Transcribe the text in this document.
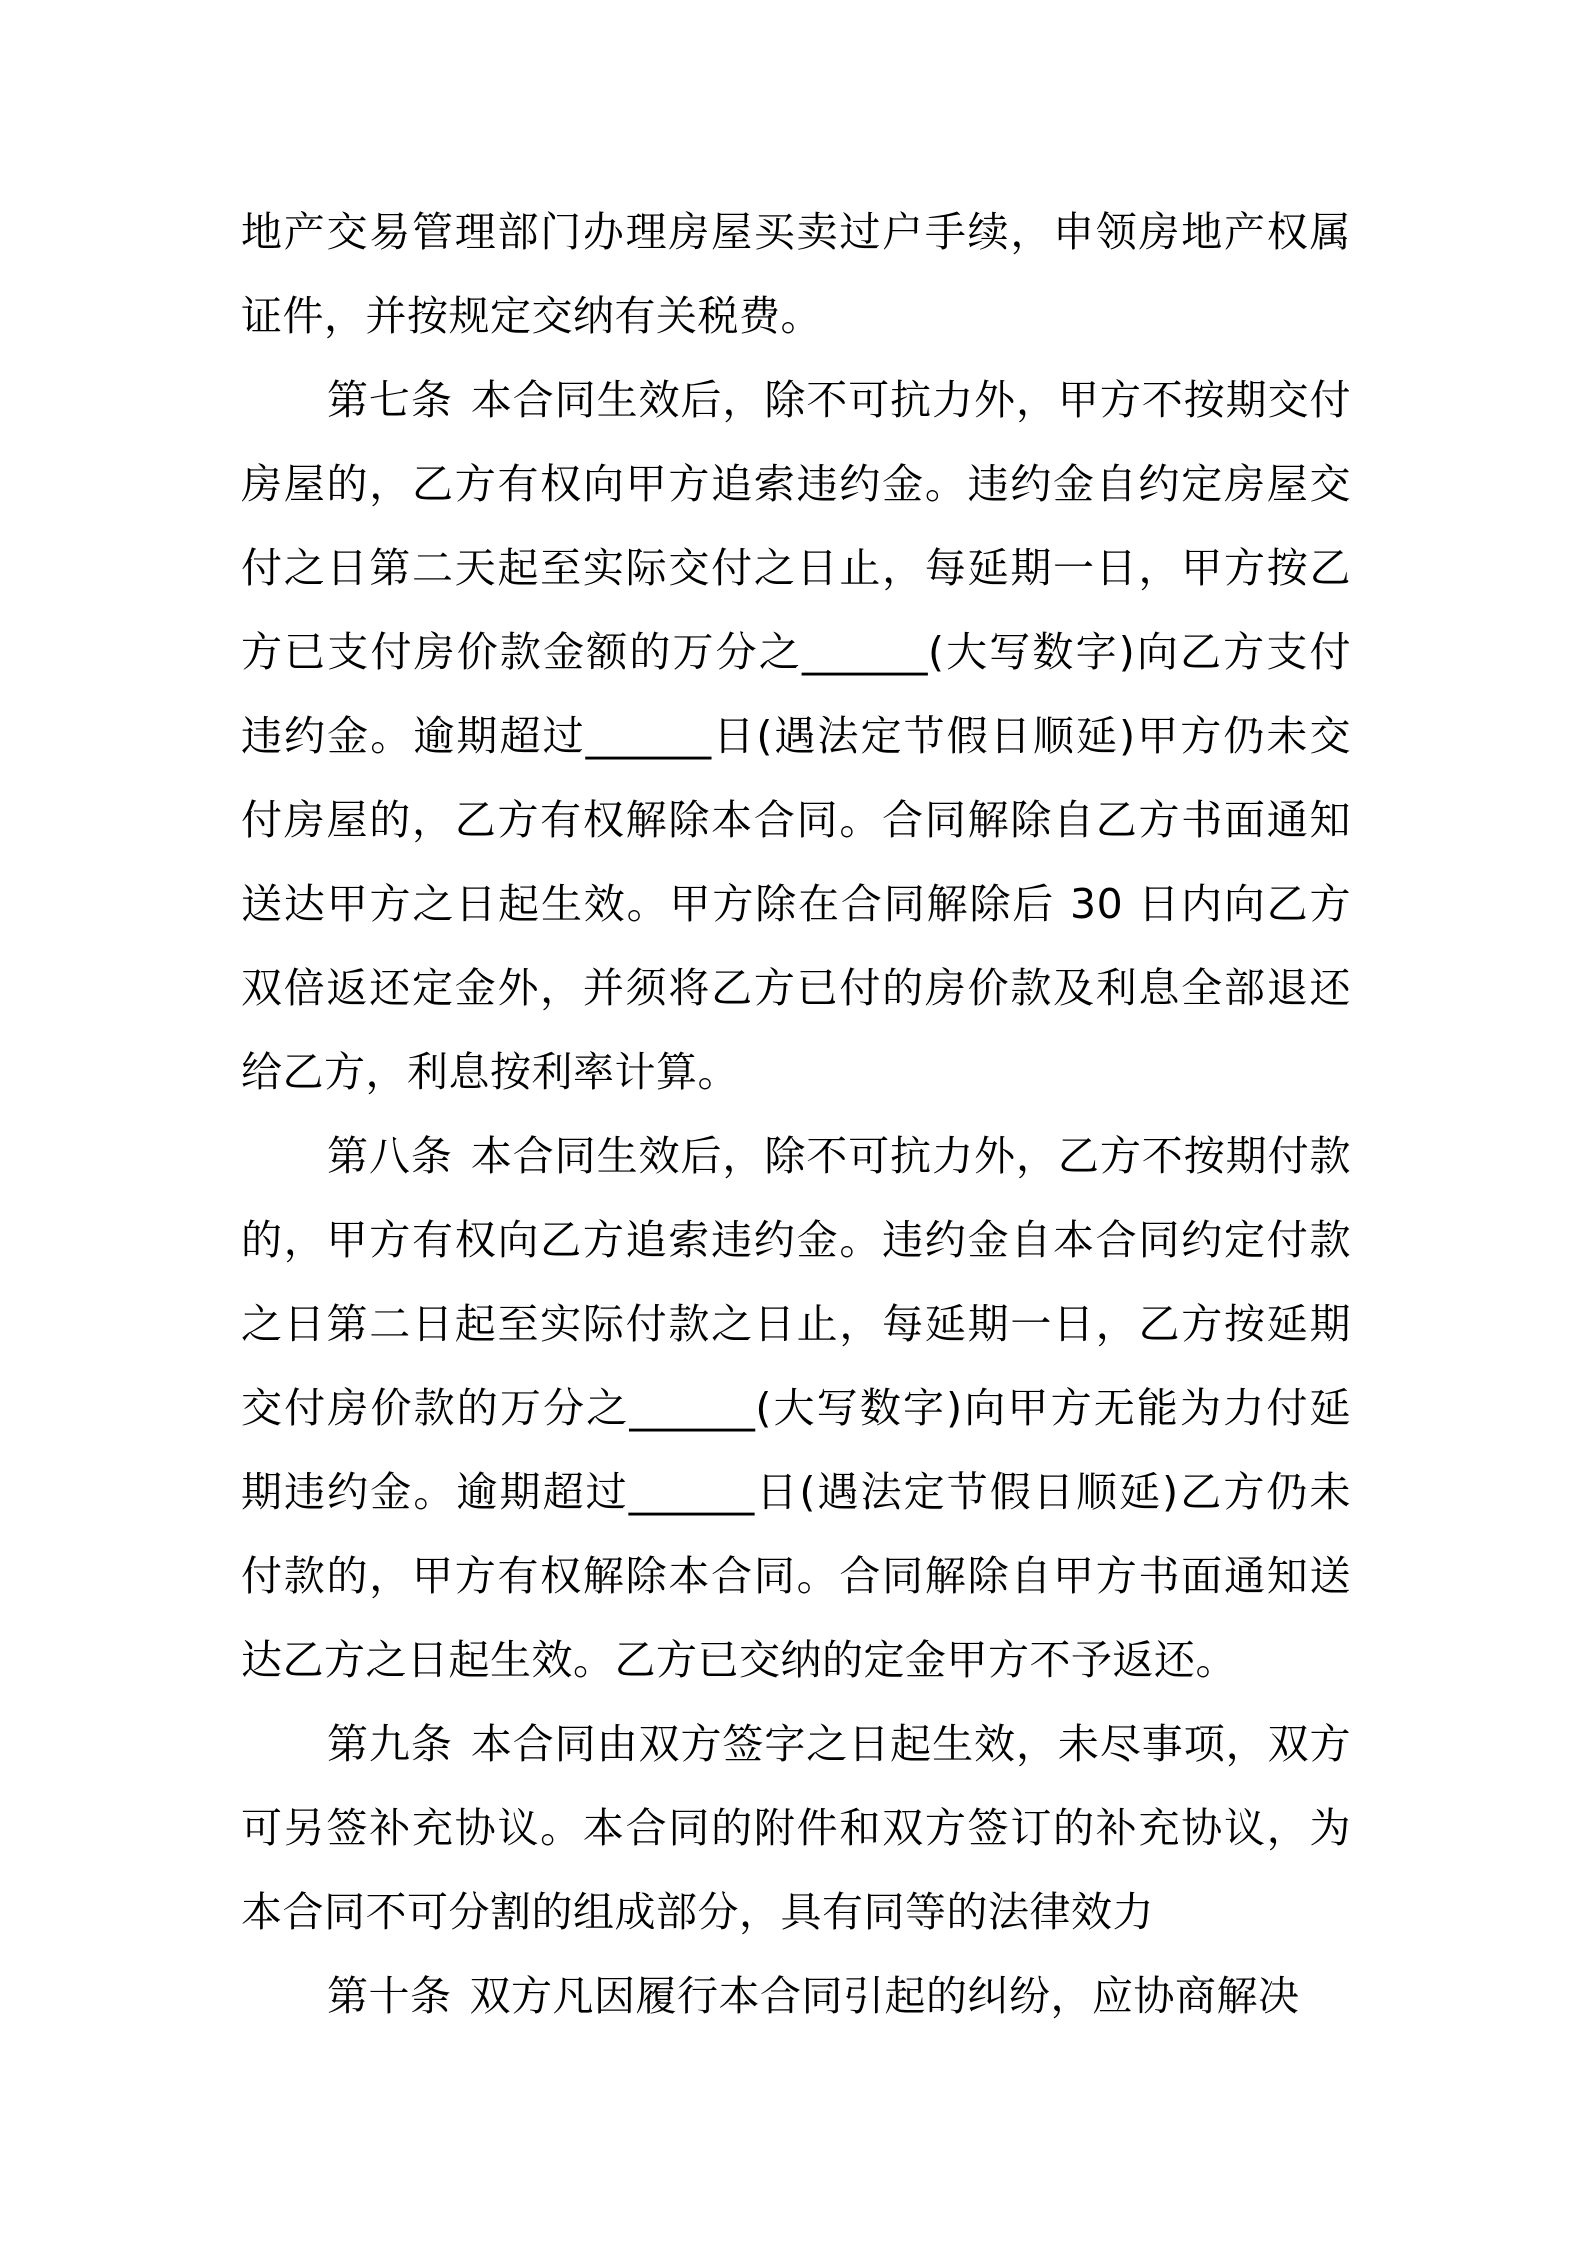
地产交易管理部门办理房屋买卖过户手续，申领房地产权属证件，并按规定交纳有关税费。

第七条 本合同生效后，除不可抗力外，甲方不按期交付房屋的，乙方有权向甲方追索违约金。违约金自约定房屋交付之日第二天起至实际交付之日止，每延期一日，甲方按乙方已支付房价款金额的万分之______(大写数字)向乙方支付违约金。逾期超过______日(遇法定节假日顺延)甲方仍未交付房屋的，乙方有权解除本合同。合同解除自乙方书面通知送达甲方之日起生效。甲方除在合同解除后 30 日内向乙方双倍返还定金外，并须将乙方已付的房价款及利息全部退还给乙方，利息按利率计算。

第八条 本合同生效后，除不可抗力外，乙方不按期付款的，甲方有权向乙方追索违约金。违约金自本合同约定付款之日第二日起至实际付款之日止，每延期一日，乙方按延期交付房价款的万分之______(大写数字)向甲方无能为力付延期违约金。逾期超过______日(遇法定节假日顺延)乙方仍未付款的，甲方有权解除本合同。合同解除自甲方书面通知送达乙方之日起生效。乙方已交纳的定金甲方不予返还。

第九条 本合同由双方签字之日起生效，未尽事项，双方可另签补充协议。本合同的附件和双方签订的补充协议，为本合同不可分割的组成部分，具有同等的法律效力

第十条 双方凡因履行本合同引起的纠纷，应协商解决
